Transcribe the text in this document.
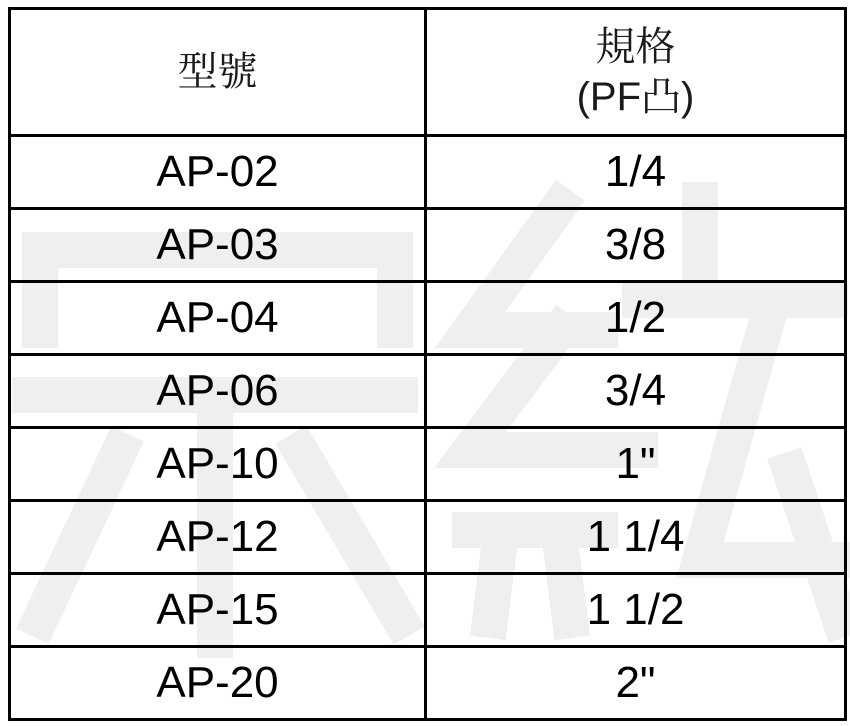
型號	規格
(PF凸)

AP-02	1/4
AP-03	3/8
AP-04	1/2
AP-06	3/4
AP-10	1"
AP-12	1 1/4
AP-15	1 1/2
AP-20	2"
